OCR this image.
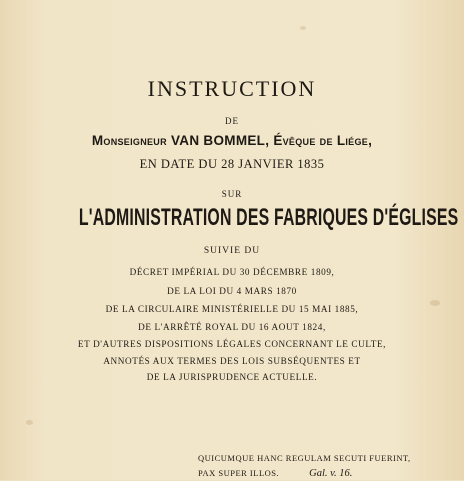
INSTRUCTION
DE
Monseigneur VAN BOMMEL, Évêque de Liége,
EN DATE DU 28 JANVIER 1835
SUR
L'ADMINISTRATION DES FABRIQUES D'ÉGLISES
SUIVIE DU
DÉCRET IMPÉRIAL DU 30 DÉCEMBRE 1809,
DE LA LOI DU 4 MARS 1870
DE LA CIRCULAIRE MINISTÉRIELLE DU 15 MAI 1885,
DE L'ARRÊTÉ ROYAL DU 16 AOUT 1824,
ET D'AUTRES DISPOSITIONS LÉGALES CONCERNANT LE CULTE,
ANNOTÉS AUX TERMES DES LOIS SUBSÉQUENTES ET
DE LA JURISPRUDENCE ACTUELLE.
QUICUMQUE HANC REGULAM SECUTI FUERINT,
PAX SUPER ILLOS.	Gal. v. 16.
